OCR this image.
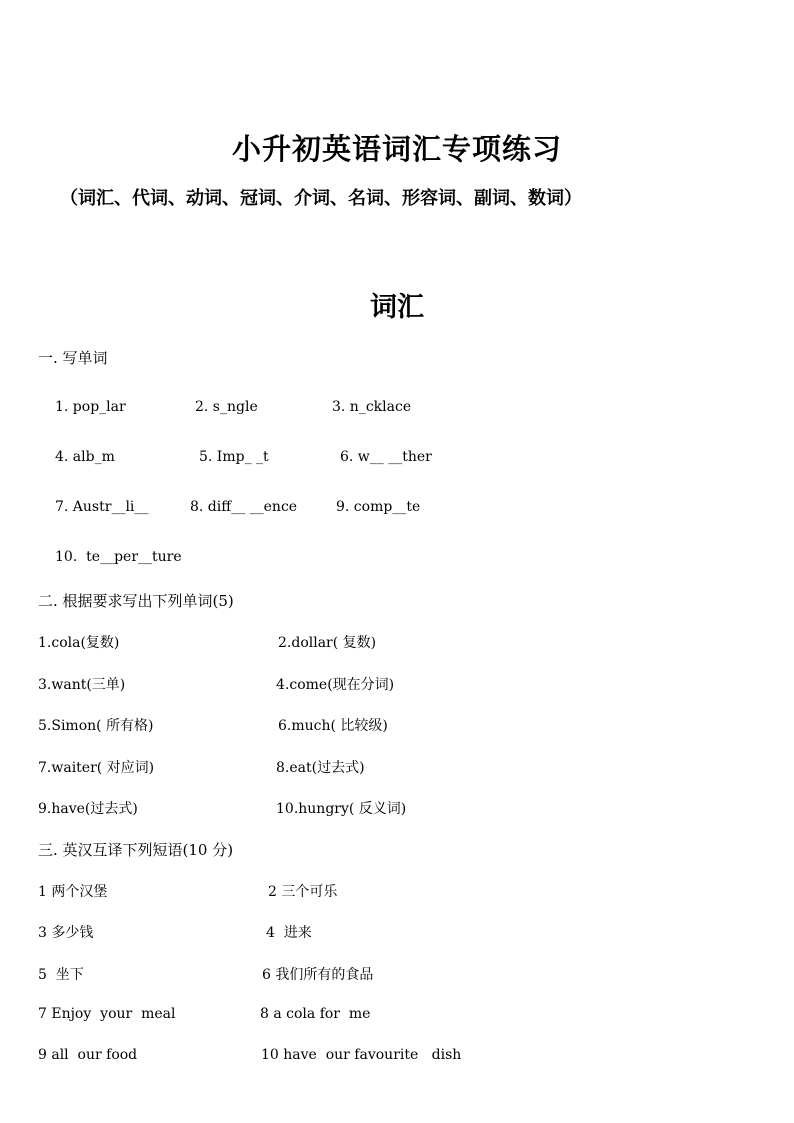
小升初英语词汇专项练习
（词汇、代词、动词、冠词、介词、名词、形容词、副词、数词）
词汇
一. 写单词
1. pop_lar	2. s_ngle	3. n_cklace
4. alb_m	5. Imp_ _t	6. w__ __ther
7. Austr__li__	8. diff__ __ence	9. comp__te
10.  te__per__ture
二. 根据要求写出下列单词(5)
1.cola(复数)	2.dollar( 复数)
3.want(三单)	4.come(现在分词)
5.Simon( 所有格)	6.much( 比较级)
7.waiter( 对应词)	8.eat(过去式)
9.have(过去式)	10.hungry( 反义词)
三. 英汉互译下列短语(10 分)
1 两个汉堡	2 三个可乐
3 多少钱	4  进来
5  坐下	6 我们所有的食品
7 Enjoy  your  meal	8 a cola for  me
9 all  our food	10 have  our favourite   dish
